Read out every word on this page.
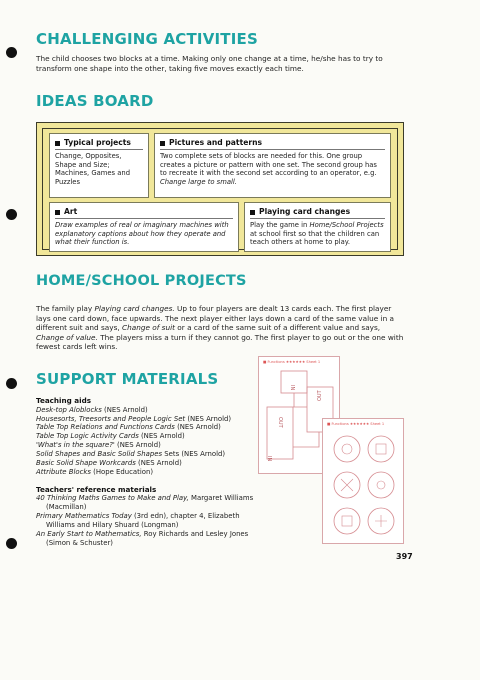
CHALLENGING ACTIVITIES
The child chooses two blocks at a time. Making only one change at a time, he/she has to try to transform one shape into the other, taking five moves exactly each time.
IDEAS BOARD
Typical projects
Change, Opposites,
Shape and Size;
Machines, Games and
Puzzles
Pictures and patterns
Two complete sets of blocks are needed for this. One group creates a picture or pattern with one set. The second group has to recreate it with the second set according to an operator, e.g. Change large to small.
Art
Draw examples of real or imaginary machines with explanatory captions about how they operate and what their function is.
Playing card changes
Play the game in Home/School Projects at school first so that the children can teach others at home to play.
HOME/SCHOOL PROJECTS
The family play Playing card changes. Up to four players are dealt 13 cards each. The first player lays one card down, face upwards. The next player either lays down a card of the same value in a different suit and says, Change of suit or a card of the same suit of a different value and says, Change of value. The players miss a turn if they cannot go. The first player to go out or the one with fewest cards left wins.
SUPPORT MATERIALS
Teaching aids
Desk-top Aloblocks (NES Arnold)
Housesorts, Treesorts and People Logic Set (NES Arnold)
Table Top Relations and Functions Cards (NES Arnold)
Table Top Logic Activity Cards (NES Arnold)
'What's in the square?' (NES Arnold)
Solid Shapes and Basic Solid Shapes Sets (NES Arnold)
Basic Solid Shape Workcards (NES Arnold)
Attribute Blocks (Hope Education)
Teachers' reference materials
40 Thinking Maths Games to Make and Play, Margaret Williams
(Macmillan)
Primary Mathematics Today (3rd edn), chapter 4, Elizabeth
Williams and Hilary Shuard (Longman)
An Early Start to Mathematics, Roy Richards and Lesley Jones
(Simon & Schuster)
■ Functions ★★★★★★ Sheet 1
IN
OUT
OUT	■ Functions ★★★★★★ Sheet 1
IN
397
